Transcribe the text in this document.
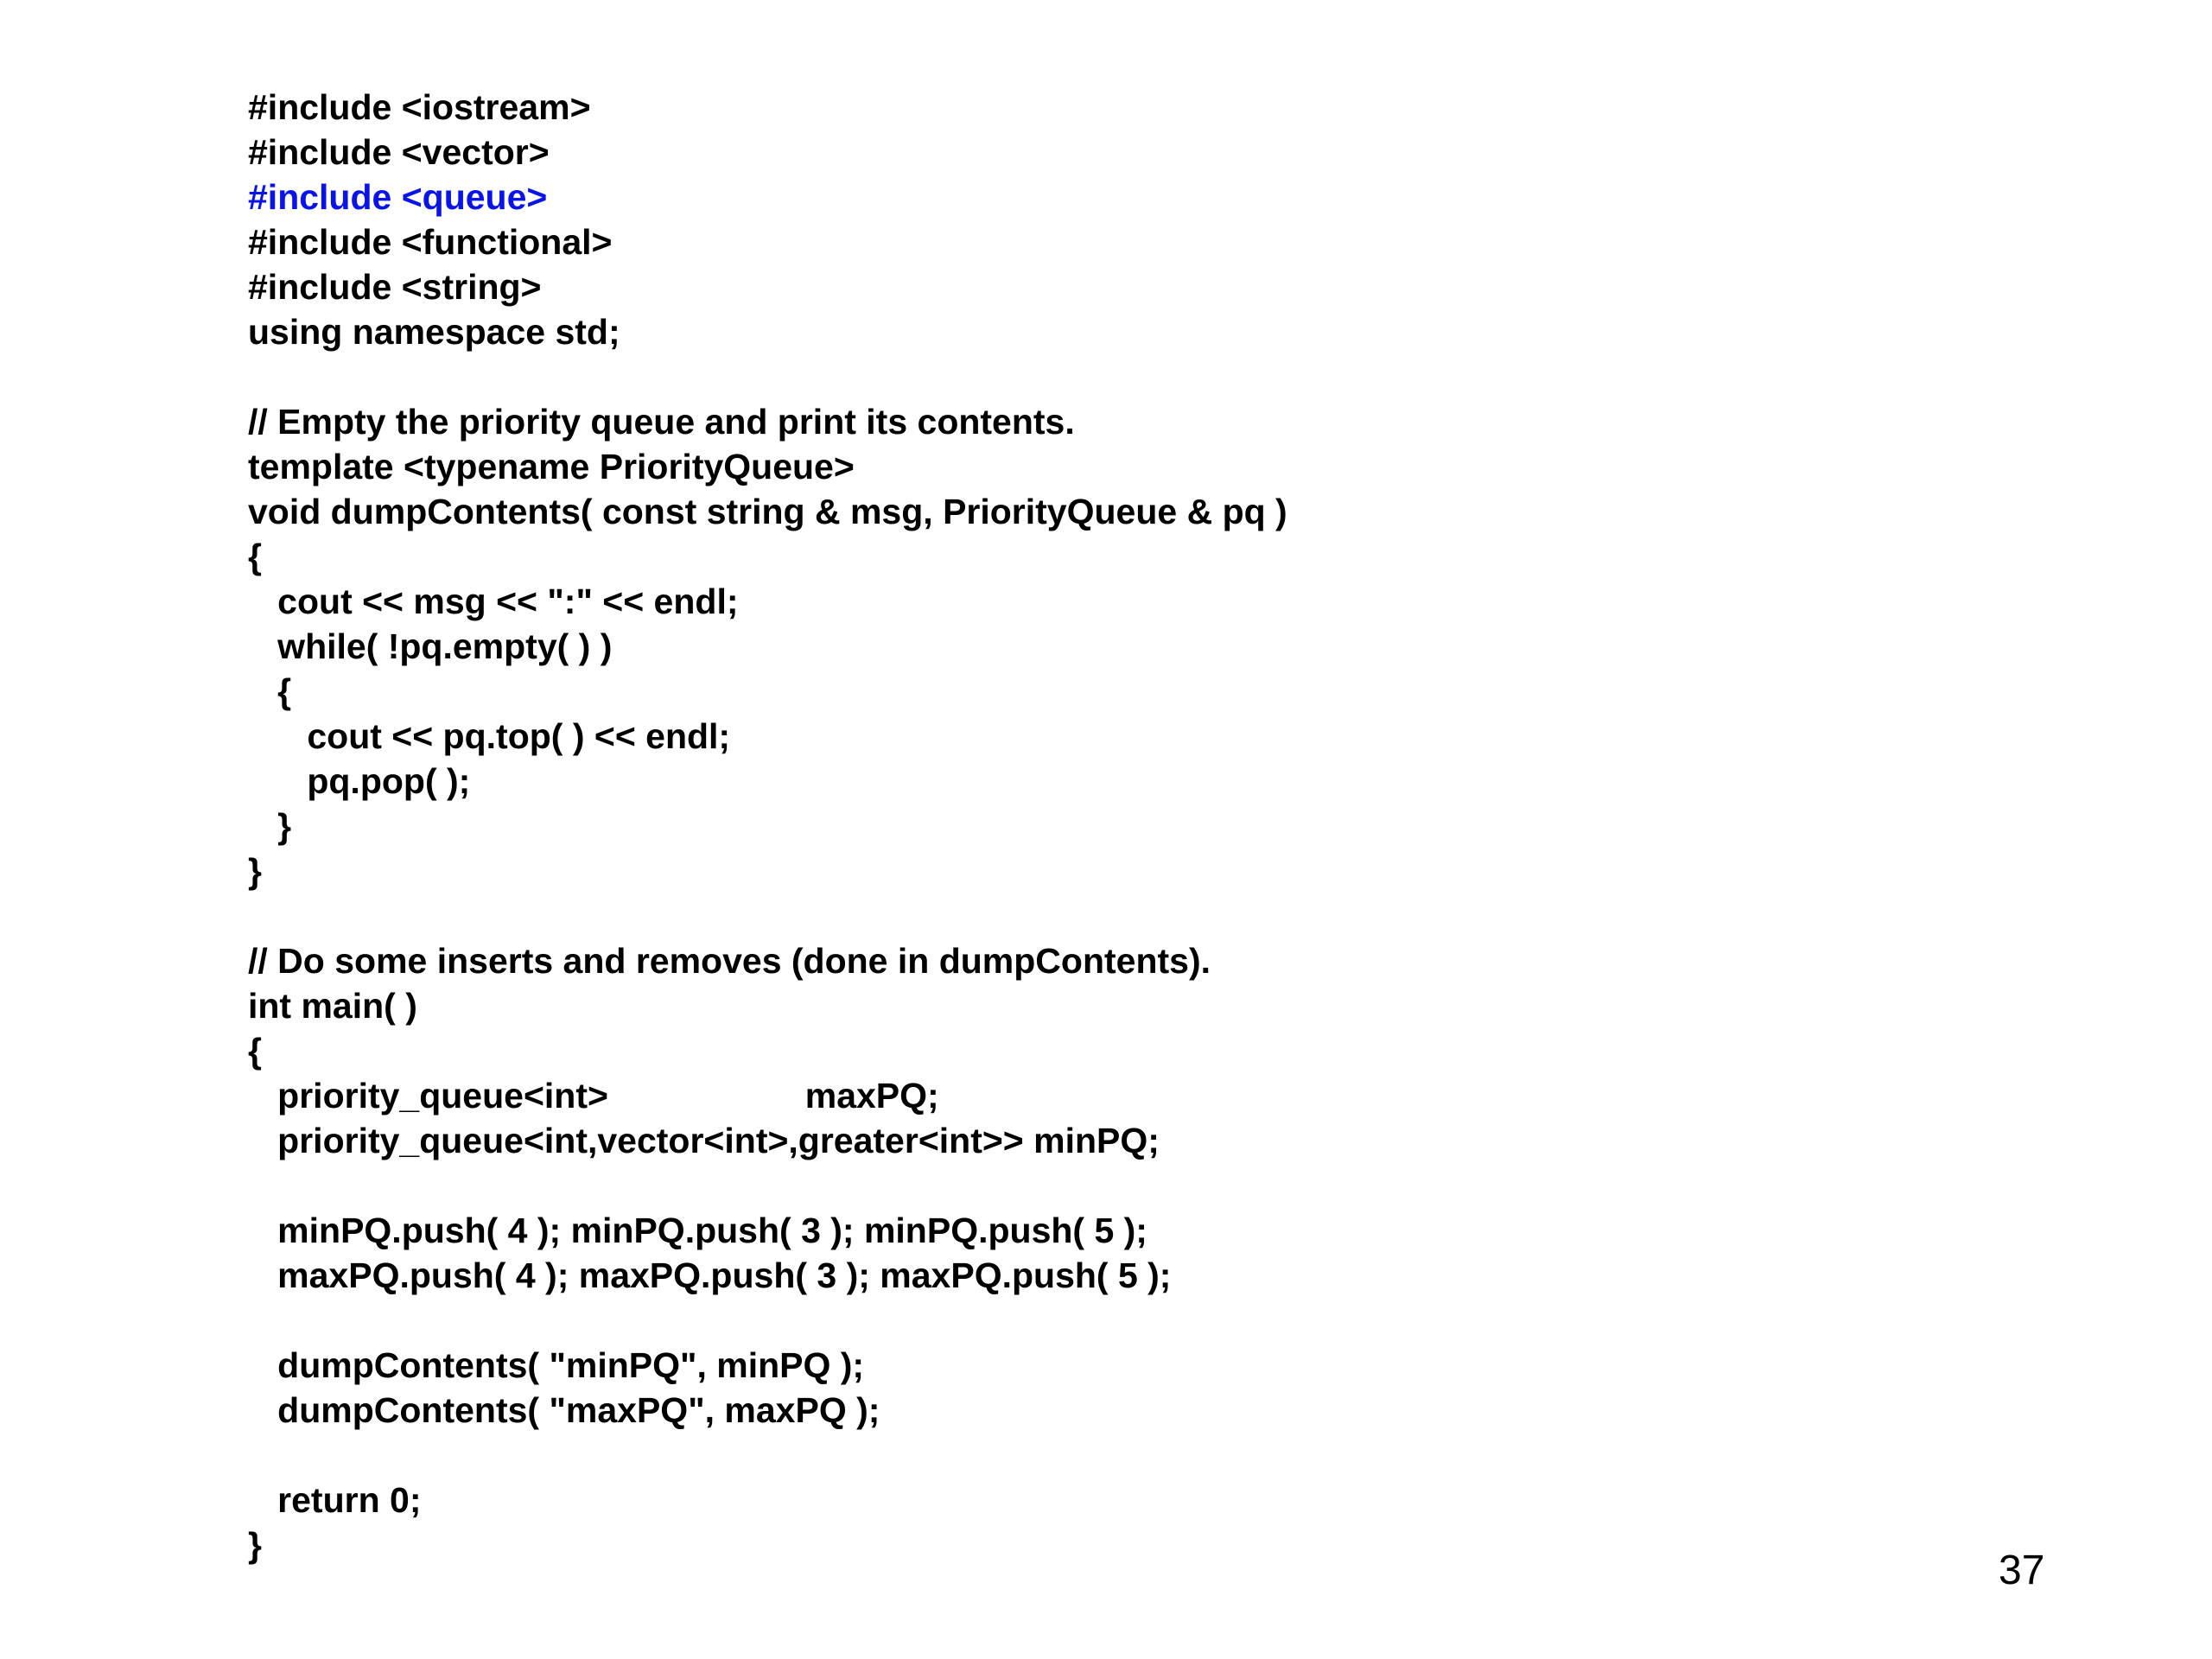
#include <iostream>
#include <vector>
#include <queue>
#include <functional>
#include <string>
using namespace std;
// Empty the priority queue and print its contents.
template <typename PriorityQueue>
void dumpContents( const string & msg, PriorityQueue & pq )
{
cout << msg << ":" << endl;
while( !pq.empty( ) )
{
cout << pq.top( ) << endl;
pq.pop( );
}
}
// Do some inserts and removes (done in dumpContents).
int main( )
{
priority_queue<int>                    maxPQ;
priority_queue<int,vector<int>,greater<int>> minPQ;
minPQ.push( 4 ); minPQ.push( 3 ); minPQ.push( 5 );
maxPQ.push( 4 ); maxPQ.push( 3 ); maxPQ.push( 5 );
dumpContents( "minPQ", minPQ );
dumpContents( "maxPQ", maxPQ );
return 0;
}
37
